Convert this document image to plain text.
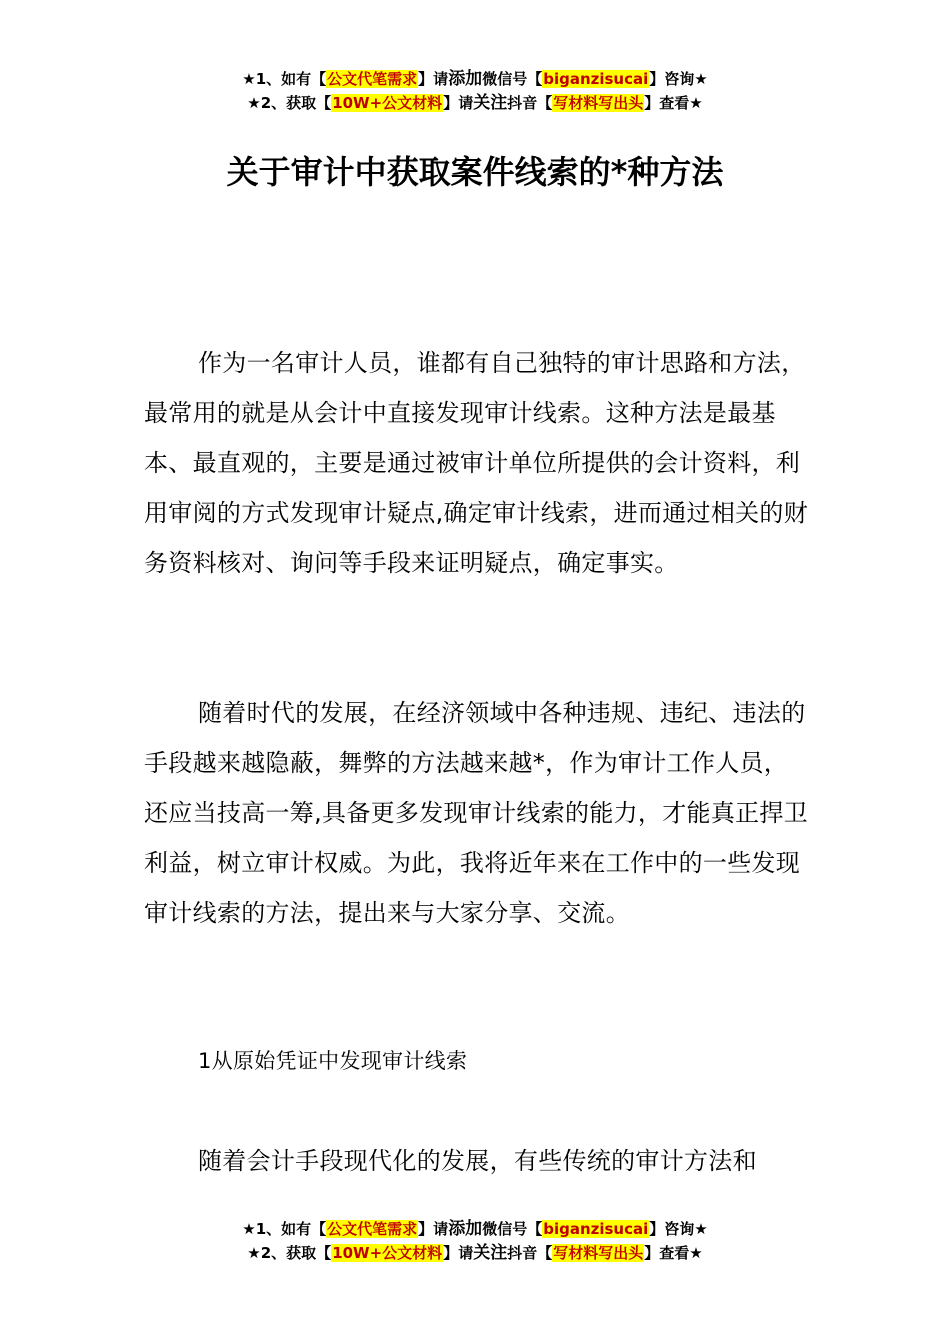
★1、如有【公文代笔需求】请添加微信号【biganzisucai】咨询★
★2、获取【10W+公文材料】请关注抖音【写材料写出头】查看★
关于审计中获取案件线索的*种方法

作为一名审计人员，谁都有自己独特的审计思路和方法，最常用的就是从会计中直接发现审计线索。这种方法是最基本、最直观的，主要是通过被审计单位所提供的会计资料，利用审阅的方式发现审计疑点,确定审计线索，进而通过相关的财务资料核对、询问等手段来证明疑点，确定事实。

随着时代的发展，在经济领域中各种违规、违纪、违法的手段越来越隐蔽，舞弊的方法越来越*，作为审计工作人员，还应当技高一筹,具备更多发现审计线索的能力，才能真正捍卫利益，树立审计权威。为此，我将近年来在工作中的一些发现审计线索的方法，提出来与大家分享、交流。

1从原始凭证中发现审计线索

随着会计手段现代化的发展，有些传统的审计方法和

★1、如有【公文代笔需求】请添加微信号【biganzisucai】咨询★
★2、获取【10W+公文材料】请关注抖音【写材料写出头】查看★
